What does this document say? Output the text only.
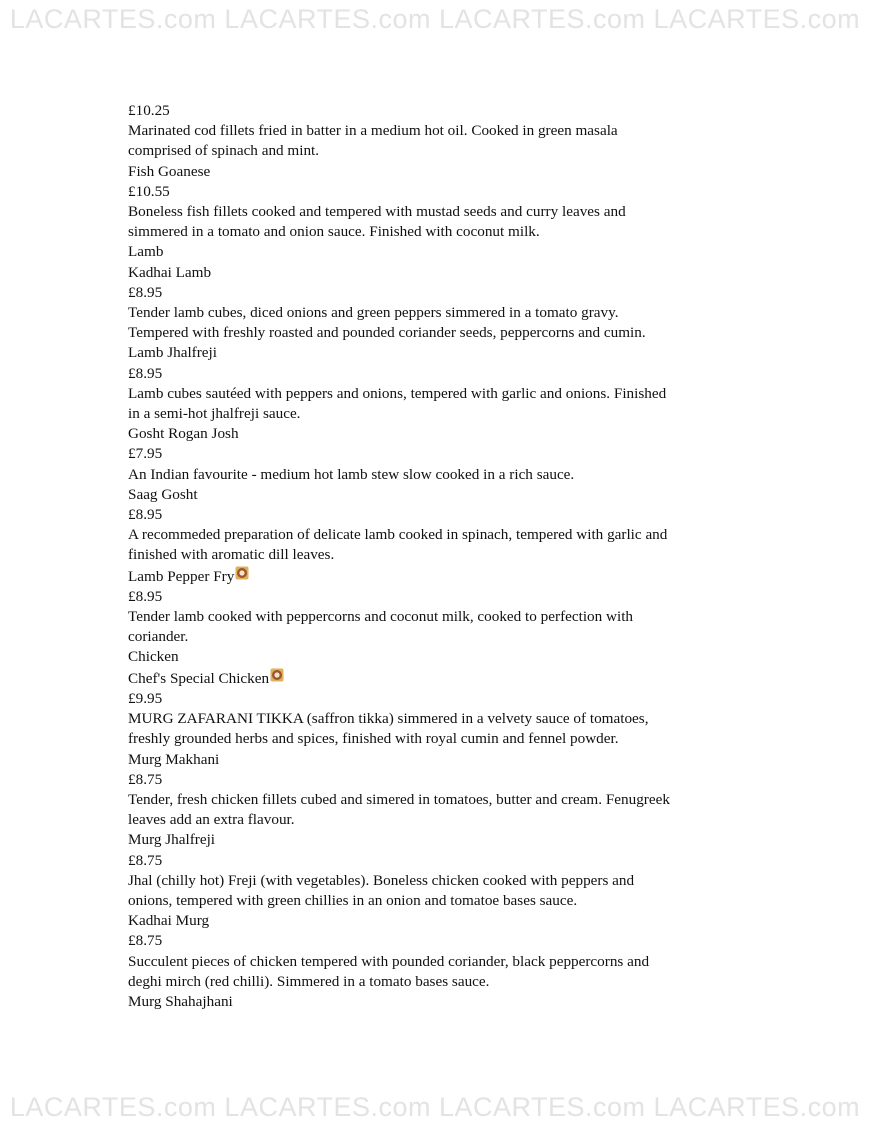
LACARTES.com LACARTES.com LACARTES.com LACARTES.com
£10.25
Marinated cod fillets fried in batter in a medium hot oil. Cooked in green masala
comprised of spinach and mint.
Fish Goanese
£10.55
Boneless fish fillets cooked and tempered with mustad seeds and curry leaves and
simmered in a tomato and onion sauce. Finished with coconut milk.
Lamb
Kadhai Lamb
£8.95
Tender lamb cubes, diced onions and green peppers simmered in a tomato gravy.
Tempered with freshly roasted and pounded coriander seeds, peppercorns and cumin.
Lamb Jhalfreji
£8.95
Lamb cubes sautéed with peppers and onions, tempered with garlic and onions. Finished
in a semi-hot jhalfreji sauce.
Gosht Rogan Josh
£7.95
An Indian favourite - medium hot lamb stew slow cooked in a rich sauce.
Saag Gosht
£8.95
A recommeded preparation of delicate lamb cooked in spinach, tempered with garlic and
finished with aromatic dill leaves.
Lamb Pepper Fry
£8.95
Tender lamb cooked with peppercorns and coconut milk, cooked to perfection with
coriander.
Chicken
Chef's Special Chicken
£9.95
MURG ZAFARANI TIKKA (saffron tikka) simmered in a velvety sauce of tomatoes,
freshly grounded herbs and spices, finished with royal cumin and fennel powder.
Murg Makhani
£8.75
Tender, fresh chicken fillets cubed and simered in tomatoes, butter and cream. Fenugreek
leaves add an extra flavour.
Murg Jhalfreji
£8.75
Jhal (chilly hot) Freji (with vegetables). Boneless chicken cooked with peppers and
onions, tempered with green chillies in an onion and tomatoe bases sauce.
Kadhai Murg
£8.75
Succulent pieces of chicken tempered with pounded coriander, black peppercorns and
deghi mirch (red chilli). Simmered in a tomato bases sauce.
Murg Shahajhani
LACARTES.com LACARTES.com LACARTES.com LACARTES.com
